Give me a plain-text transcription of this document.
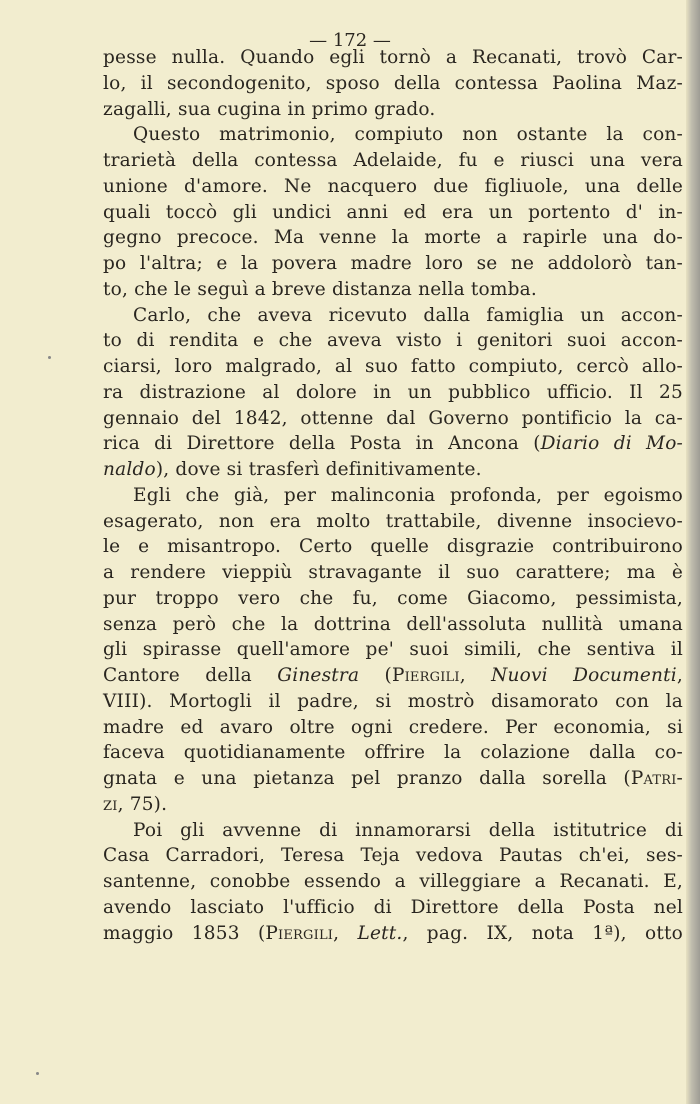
— 172 —
pesse nulla. Quando egli tornò a Recanati, trovò Car-
lo, il secondogenito, sposo della contessa Paolina Maz-
zagalli, sua cugina in primo grado.
Questo matrimonio, compiuto non ostante la con-
trarietà della contessa Adelaide, fu e riusci una vera
unione d'amore. Ne nacquero due figliuole, una delle
quali toccò gli undici anni ed era un portento d' in-
gegno precoce. Ma venne la morte a rapirle una do-
po l'altra; e la povera madre loro se ne addolorò tan-
to, che le seguì a breve distanza nella tomba.
Carlo, che aveva ricevuto dalla famiglia un accon-
to di rendita e che aveva visto i genitori suoi accon-
ciarsi, loro malgrado, al suo fatto compiuto, cercò allo-
ra distrazione al dolore in un pubblico ufficio. Il 25
gennaio del 1842, ottenne dal Governo pontificio la ca-
rica di Direttore della Posta in Ancona (Diario di Mo-
naldo), dove si trasferì definitivamente.
Egli che già, per malinconia profonda, per egoismo
esagerato, non era molto trattabile, divenne insocievo-
le e misantropo. Certo quelle disgrazie contribuirono
a rendere vieppiù stravagante il suo carattere; ma è
pur troppo vero che fu, come Giacomo, pessimista,
senza però che la dottrina dell'assoluta nullità umana
gli spirasse quell'amore pe' suoi simili, che sentiva il
Cantore della Ginestra (Piergili, Nuovi Documenti,
VIII). Mortogli il padre, si mostrò disamorato con la
madre ed avaro oltre ogni credere. Per economia, si
faceva quotidianamente offrire la colazione dalla co-
gnata e una pietanza pel pranzo dalla sorella (Patri-
zi, 75).
Poi gli avvenne di innamorarsi della istitutrice di
Casa Carradori, Teresa Teja vedova Pautas ch'ei, ses-
santenne, conobbe essendo a villeggiare a Recanati. E,
avendo lasciato l'ufficio di Direttore della Posta nel
maggio 1853 (Piergili, Lett., pag. IX, nota 1ª), otto
